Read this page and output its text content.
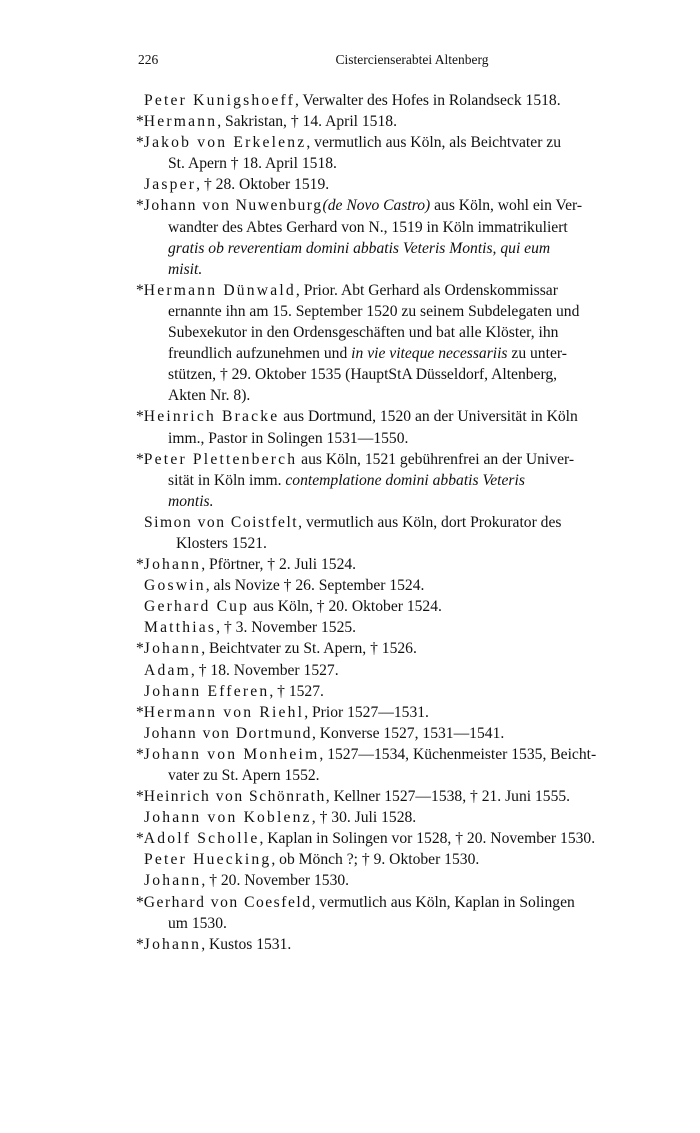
226	Cistercienserabtei Altenberg
Peter Kunigshoeff, Verwalter des Hofes in Rolandseck 1518.
*Hermann, Sakristan, † 14. April 1518.
*Jakob von Erkelenz, vermutlich aus Köln, als Beichtvater zu
St. Apern † 18. April 1518.
Jasper, † 28. Oktober 1519.
*Johann von Nuwenburg(de Novo Castro) aus Köln, wohl ein Ver-
wandter des Abtes Gerhard von N., 1519 in Köln immatrikuliert
gratis ob reverentiam domini abbatis Veteris Montis, qui eum
misit.
*Hermann Dünwald, Prior. Abt Gerhard als Ordenskommissar
ernannte ihn am 15. September 1520 zu seinem Subdelegaten und
Subexekutor in den Ordensgeschäften und bat alle Klöster, ihn
freundlich aufzunehmen und in vie viteque necessariis zu unter-
stützen, † 29. Oktober 1535 (HauptStA Düsseldorf, Altenberg,
Akten Nr. 8).
*Heinrich Bracke aus Dortmund, 1520 an der Universität in Köln
imm., Pastor in Solingen 1531—1550.
*Peter Plettenberch aus Köln, 1521 gebührenfrei an der Univer-
sität in Köln imm. contemplatione domini abbatis Veteris
montis.
Simon von Coistfelt, vermutlich aus Köln, dort Prokurator des
Klosters 1521.
*Johann, Pförtner, † 2. Juli 1524.
Goswin, als Novize † 26. September 1524.
Gerhard Cup aus Köln, † 20. Oktober 1524.
Matthias, † 3. November 1525.
*Johann, Beichtvater zu St. Apern, † 1526.
Adam, † 18. November 1527.
Johann Efferen, † 1527.
*Hermann von Riehl, Prior 1527—1531.
Johann von Dortmund, Konverse 1527, 1531—1541.
*Johann von Monheim, 1527—1534, Küchenmeister 1535, Beicht-
vater zu St. Apern 1552.
*Heinrich von Schönrath, Kellner 1527—1538, † 21. Juni 1555.
Johann von Koblenz, † 30. Juli 1528.
*Adolf Scholle, Kaplan in Solingen vor 1528, † 20. November 1530.
Peter Huecking, ob Mönch ?; † 9. Oktober 1530.
Johann, † 20. November 1530.
*Gerhard von Coesfeld, vermutlich aus Köln, Kaplan in Solingen
um 1530.
*Johann, Kustos 1531.
